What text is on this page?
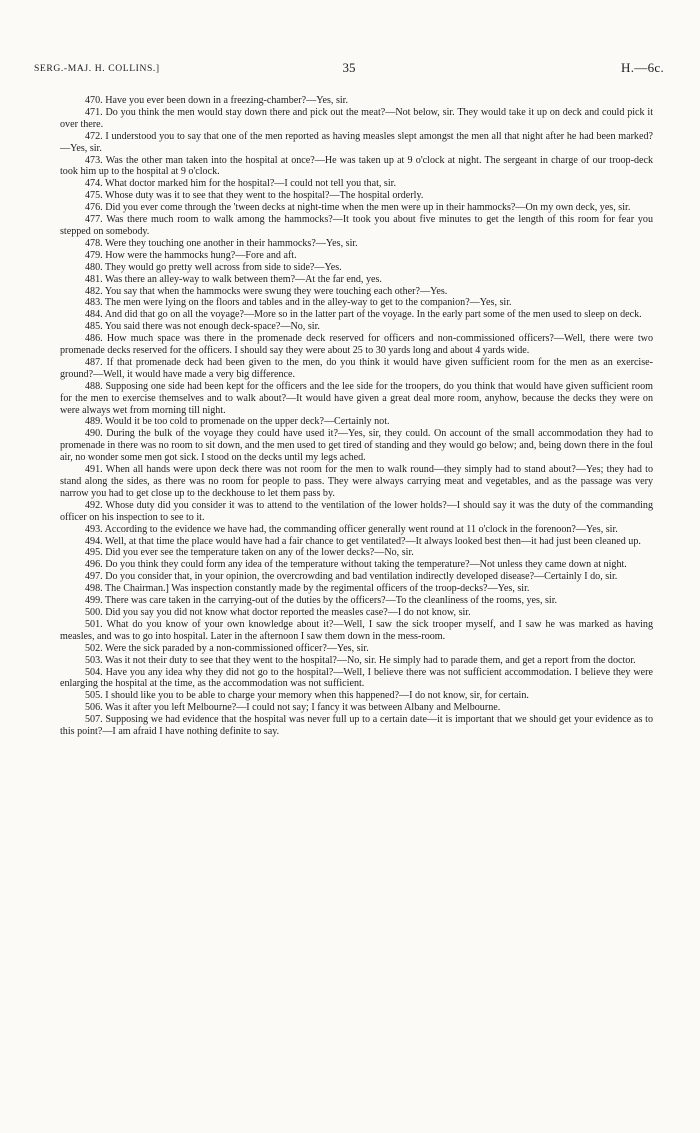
SERG.-MAJ. H. COLLINS.]	35	H.—6c.

470. Have you ever been down in a freezing-chamber?—Yes, sir.

471. Do you think the men would stay down there and pick out the meat?—Not below, sir. They would take it up on deck and could pick it over there.

472. I understood you to say that one of the men reported as having measles slept amongst the men all that night after he had been marked?—Yes, sir.

473. Was the other man taken into the hospital at once?—He was taken up at 9 o'clock at night. The sergeant in charge of our troop-deck took him up to the hospital at 9 o'clock.

474. What doctor marked him for the hospital?—I could not tell you that, sir.

475. Whose duty was it to see that they went to the hospital?—The hospital orderly.

476. Did you ever come through the 'tween decks at night-time when the men were up in their hammocks?—On my own deck, yes, sir.

477. Was there much room to walk among the hammocks?—It took you about five minutes to get the length of this room for fear you stepped on somebody.

478. Were they touching one another in their hammocks?—Yes, sir.

479. How were the hammocks hung?—Fore and aft.

480. They would go pretty well across from side to side?—Yes.

481. Was there an alley-way to walk between them?—At the far end, yes.

482. You say that when the hammocks were swung they were touching each other?—Yes.

483. The men were lying on the floors and tables and in the alley-way to get to the companion?—Yes, sir.

484. And did that go on all the voyage?—More so in the latter part of the voyage. In the early part some of the men used to sleep on deck.

485. You said there was not enough deck-space?—No, sir.

486. How much space was there in the promenade deck reserved for officers and non-commissioned officers?—Well, there were two promenade decks reserved for the officers. I should say they were about 25 to 30 yards long and about 4 yards wide.

487. If that promenade deck had been given to the men, do you think it would have given sufficient room for the men as an exercise-ground?—Well, it would have made a very big difference.

488. Supposing one side had been kept for the officers and the lee side for the troopers, do you think that would have given sufficient room for the men to exercise themselves and to walk about?—It would have given a great deal more room, anyhow, because the decks they were on were always wet from morning till night.

489. Would it be too cold to promenade on the upper deck?—Certainly not.

490. During the bulk of the voyage they could have used it?—Yes, sir, they could. On account of the small accommodation they had to promenade in there was no room to sit down, and the men used to get tired of standing and they would go below; and, being down there in the foul air, no wonder some men got sick. I stood on the decks until my legs ached.

491. When all hands were upon deck there was not room for the men to walk round—they simply had to stand about?—Yes; they had to stand along the sides, as there was no room for people to pass. They were always carrying meat and vegetables, and as the passage was very narrow you had to get close up to the deckhouse to let them pass by.

492. Whose duty did you consider it was to attend to the ventilation of the lower holds?—I should say it was the duty of the commanding officer on his inspection to see to it.

493. According to the evidence we have had, the commanding officer generally went round at 11 o'clock in the forenoon?—Yes, sir.

494. Well, at that time the place would have had a fair chance to get ventilated?—It always looked best then—it had just been cleaned up.

495. Did you ever see the temperature taken on any of the lower decks?—No, sir.

496. Do you think they could form any idea of the temperature without taking the temperature?—Not unless they came down at night.

497. Do you consider that, in your opinion, the overcrowding and bad ventilation indirectly developed disease?—Certainly I do, sir.

498. The Chairman.] Was inspection constantly made by the regimental officers of the troop-decks?—Yes, sir.

499. There was care taken in the carrying-out of the duties by the officers?—To the cleanliness of the rooms, yes, sir.

500. Did you say you did not know what doctor reported the measles case?—I do not know, sir.

501. What do you know of your own knowledge about it?—Well, I saw the sick trooper myself, and I saw he was marked as having measles, and was to go into hospital. Later in the afternoon I saw them down in the mess-room.

502. Were the sick paraded by a non-commissioned officer?—Yes, sir.

503. Was it not their duty to see that they went to the hospital?—No, sir. He simply had to parade them, and get a report from the doctor.

504. Have you any idea why they did not go to the hospital?—Well, I believe there was not sufficient accommodation. I believe they were enlarging the hospital at the time, as the accommodation was not sufficient.

505. I should like you to be able to charge your memory when this happened?—I do not know, sir, for certain.

506. Was it after you left Melbourne?—I could not say; I fancy it was between Albany and Melbourne.

507. Supposing we had evidence that the hospital was never full up to a certain date—it is important that we should get your evidence as to this point?—I am afraid I have nothing definite to say.
